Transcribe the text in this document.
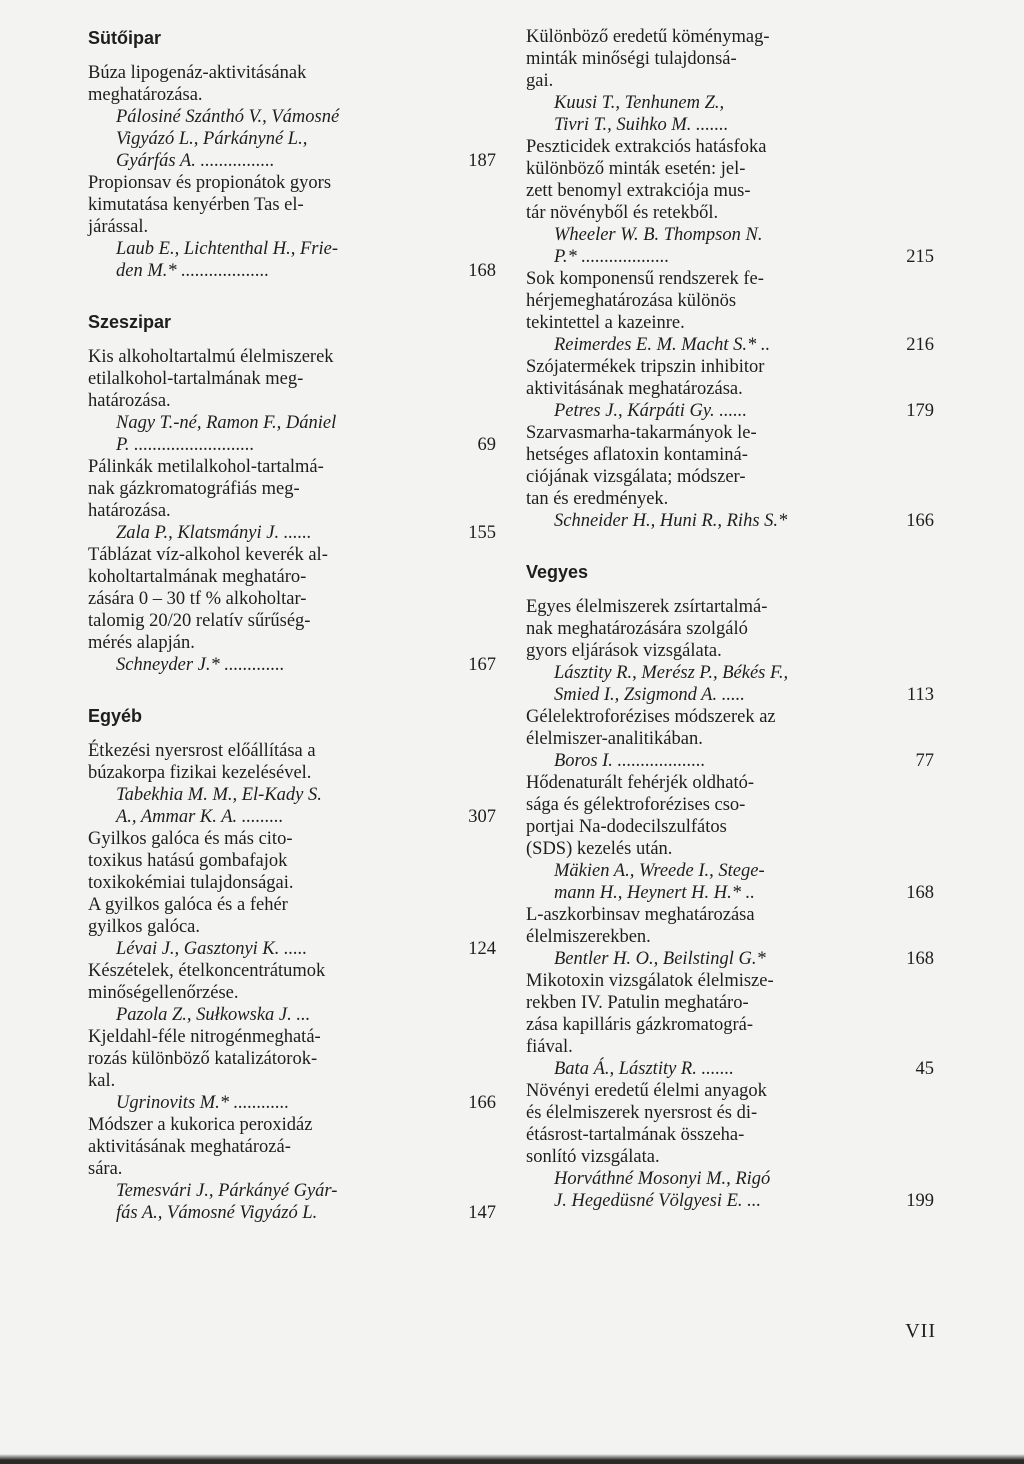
Sütőipar
Búza lipogenáz-aktivitásának
meghatározása.
Pálosiné Szánthó V., Vámosné
Vigyázó L., Párkányné L.,
Gyárfás A. ................	187
Propionsav és propionátok gyors
kimutatása kenyérben Tas el-
járással.
Laub E., Lichtenthal H., Frie-
den M.* ...................	168
Szeszipar
Kis alkoholtartalmú élelmiszerek
etilalkohol-tartalmának meg-
határozása.
Nagy T.-né, Ramon F., Dániel
P. ..........................	69
Pálinkák metilalkohol-tartalmá-
nak gázkromatográfiás meg-
határozása.
Zala P., Klatsmányi J. ......	155
Táblázat víz-alkohol keverék al-
koholtartalmának meghatáro-
zására 0 – 30 tf % alkoholtar-
talomig 20/20 relatív sűrűség-
mérés alapján.
Schneyder J.* .............	167
Egyéb
Étkezési nyersrost előállítása a
búzakorpa fizikai kezelésével.
Tabekhia M. M., El-Kady S.
A., Ammar K. A. .........	307
Gyilkos galóca és más cito-
toxikus hatású gombafajok
toxikokémiai tulajdonságai.
A gyilkos galóca és a fehér
gyilkos galóca.
Lévai J., Gasztonyi K. .....	124
Készételek, ételkoncentrátumok
minőségellenőrzése.
Pazola Z., Sułkowska J. ...
Kjeldahl-féle nitrogénmeghatá-
rozás különböző katalizátorok-
kal.
Ugrinovits M.* ............	166
Módszer a kukorica peroxidáz
aktivitásának meghatározá-
sára.
Temesvári J., Párkányé Gyár-
fás A., Vámosné Vigyázó L.	147
Különböző eredetű köménymag-
minták minőségi tulajdonsá-
gai.
Kuusi T., Tenhunem Z.,
Tivri T., Suihko M. .......
Peszticidek extrakciós hatásfoka
különböző minták esetén: jel-
zett benomyl extrakciója mus-
tár növényből és retekből.
Wheeler W. B. Thompson N.
P.* ...................	215
Sok komponensű rendszerek fe-
hérjemeghatározása különös
tekintettel a kazeinre.
Reimerdes E. M. Macht S.* ..	216
Szójatermékek tripszin inhibitor
aktivitásának meghatározása.
Petres J., Kárpáti Gy. ......	179
Szarvasmarha-takarmányok le-
hetséges aflatoxin kontaminá-
ciójának vizsgálata; módszer-
tan és eredmények.
Schneider H., Huni R., Rihs S.*	166
Vegyes
Egyes élelmiszerek zsírtartalmá-
nak meghatározására szolgáló
gyors eljárások vizsgálata.
Lásztity R., Merész P., Békés F.,
Smied I., Zsigmond A. .....	113
Gélelektroforézises módszerek az
élelmiszer-analitikában.
Boros I. ...................	77
Hődenaturált fehérjék oldható-
sága és gélektroforézises cso-
portjai Na-dodecilszulfátos
(SDS) kezelés után.
Mäkien A., Wreede I., Stege-
mann H., Heynert H. H.* ..	168
L-aszkorbinsav meghatározása
élelmiszerekben.
Bentler H. O., Beilstingl G.*	168
Mikotoxin vizsgálatok élelmisze-
rekben IV. Patulin meghatáro-
zása kapilláris gázkromatográ-
fiával.
Bata Á., Lásztity R. .......	45
Növényi eredetű élelmi anyagok
és élelmiszerek nyersrost és di-
étásrost-tartalmának összeha-
sonlító vizsgálata.
Horváthné Mosonyi M., Rigó
J. Hegedüsné Völgyesi E. ...	199
VII
